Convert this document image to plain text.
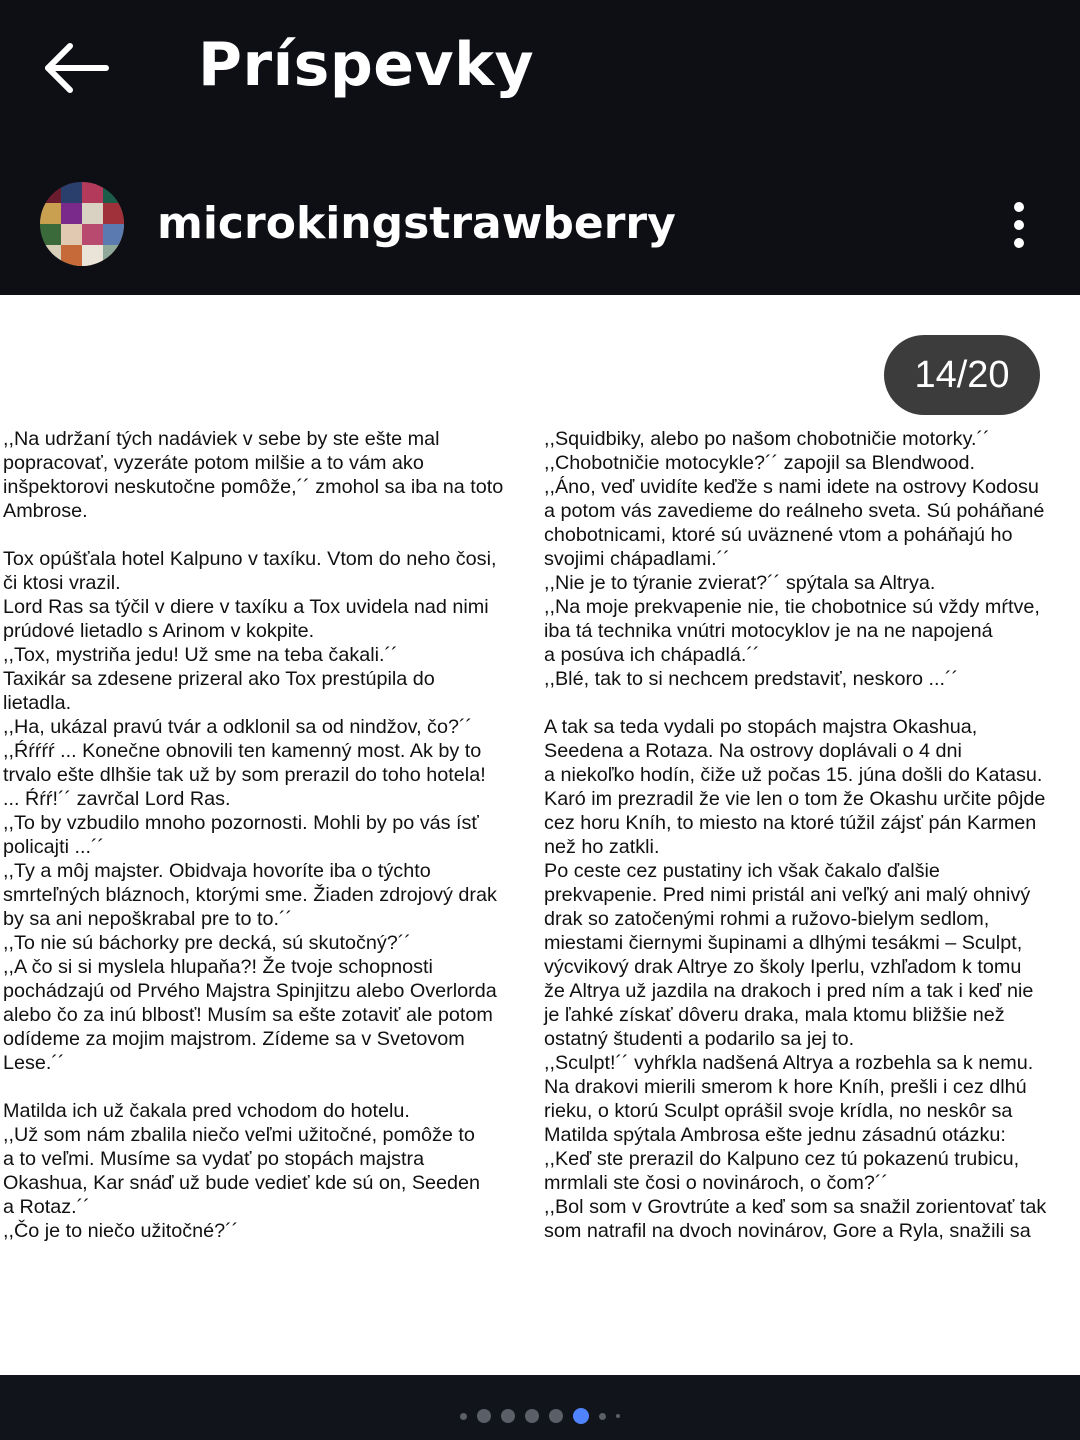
Príspevky
microkingstrawberry
14/20

,,Na udržaní tých nadáviek v sebe by ste ešte mal

popracovať, vyzeráte potom milšie a to vám ako

inšpektorovi neskutočne pomôže,´´ zmohol sa iba na toto

Ambrose.

Tox opúšťala hotel Kalpuno v taxíku. Vtom do neho čosi,

či ktosi vrazil.

Lord Ras sa týčil v diere v taxíku a Tox uvidela nad nimi

prúdové lietadlo s Arinom v kokpite.

,,Tox, mystriňa jedu! Už sme na teba čakali.´´

Taxikár sa zdesene prizeral ako Tox prestúpila do

lietadla.

,,Ha, ukázal pravú tvár a odklonil sa od nindžov, čo?´´

,,Ŕŕŕŕŕ ... Konečne obnovili ten kamenný most. Ak by to

trvalo ešte dlhšie tak už by som prerazil do toho hotela!

... Ŕŕŕ!´´ zavrčal Lord Ras.

,,To by vzbudilo mnoho pozornosti. Mohli by po vás ísť

policajti ...´´

,,Ty a môj majster. Obidvaja hovoríte iba o týchto

smrteľných bláznoch, ktorými sme. Žiaden zdrojový drak

by sa ani nepoškrabal pre to to.´´

,,To nie sú báchorky pre decká, sú skutočný?´´

,,A čo si si myslela hlupaňa?! Že tvoje schopnosti

pochádzajú od Prvého Majstra Spinjitzu alebo Overlorda

alebo čo za inú blbosť! Musím sa ešte zotaviť ale potom

odídeme za mojim majstrom. Zídeme sa v Svetovom

Lese.´´

Matilda ich už čakala pred vchodom do hotelu.

,,Už som nám zbalila niečo veľmi užitočné, pomôže to

a to veľmi. Musíme sa vydať po stopách majstra

Okashua, Kar snáď už bude vedieť kde sú on, Seeden

a Rotaz.´´

,,Čo je to niečo užitočné?´´

,,Squidbiky, alebo po našom chobotničie motorky.´´

,,Chobotničie motocykle?´´ zapojil sa Blendwood.

,,Áno, veď uvidíte keďže s nami idete na ostrovy Kodosu

a potom vás zavedieme do reálneho sveta. Sú poháňané

chobotnicami, ktoré sú uväznené vtom a poháňajú ho

svojimi chápadlami.´´

,,Nie je to týranie zvierat?´´ spýtala sa Altrya.

,,Na moje prekvapenie nie, tie chobotnice sú vždy mŕtve,

iba tá technika vnútri motocyklov je na ne napojená

a posúva ich chápadlá.´´

,,Blé, tak to si nechcem predstaviť, neskoro ...´´

A tak sa teda vydali po stopách majstra Okashua,

Seedena a Rotaza. Na ostrovy doplávali o 4 dni

a niekoľko hodín, čiže už počas 15. júna došli do Katasu.

Karó im prezradil že vie len o tom že Okashu určite pôjde

cez horu Kníh, to miesto na ktoré túžil zájsť pán Karmen

než ho zatkli.

Po ceste cez pustatiny ich však čakalo ďalšie

prekvapenie. Pred nimi pristál ani veľký ani malý ohnivý

drak so zatočenými rohmi a ružovo-bielym sedlom,

miestami čiernymi šupinami a dlhými tesákmi – Sculpt,

výcvikový drak Altrye zo školy Iperlu, vzhľadom k tomu

že Altrya už jazdila na drakoch i pred ním a tak i keď nie

je ľahké získať dôveru draka, mala ktomu bližšie než

ostatný študenti a podarilo sa jej to.

,,Sculpt!´´ vyhŕkla nadšená Altrya a rozbehla sa k nemu.

Na drakovi mierili smerom k hore Kníh, prešli i cez dlhú

rieku, o ktorú Sculpt oprášil svoje krídla, no neskôr sa

Matilda spýtala Ambrosa ešte jednu zásadnú otázku:

,,Keď ste prerazil do Kalpuno cez tú pokazenú trubicu,

mrmlali ste čosi o novinároch, o čom?´´

,,Bol som v Grovtrúte a keď som sa snažil zorientovať tak

som natrafil na dvoch novinárov, Gore a Ryla, snažili sa
